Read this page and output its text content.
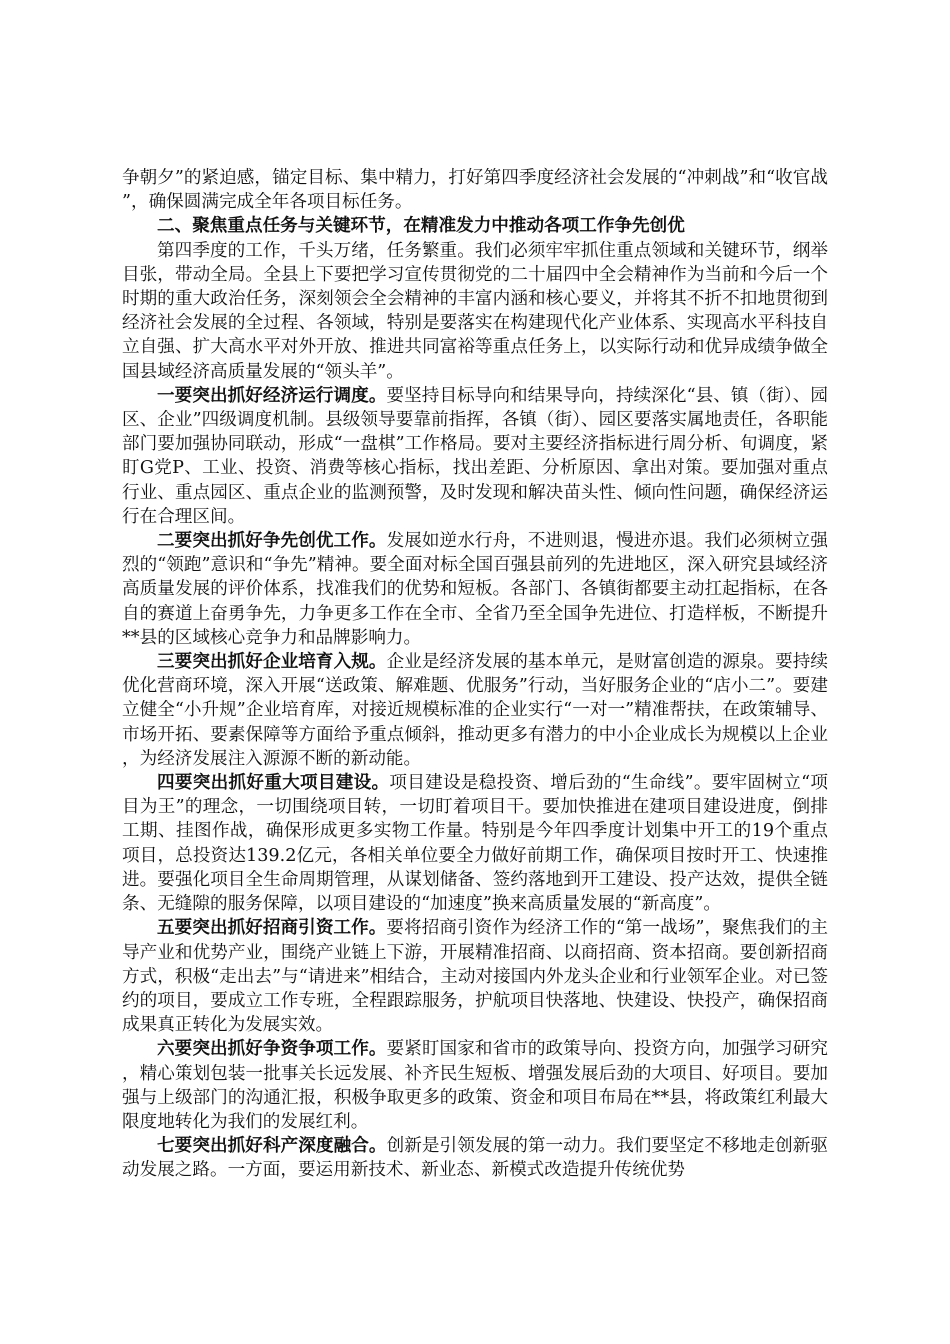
争朝夕”的紧迫感，锚定目标、集中精力，打好第四季度经济社会发展的“冲刺战”和“收官战”，确保圆满完成全年各项目标任务。

二、聚焦重点任务与关键环节，在精准发力中推动各项工作争先创优

第四季度的工作，千头万绪，任务繁重。我们必须牢牢抓住重点领域和关键环节，纲举目张，带动全局。全县上下要把学习宣传贯彻党的二十届四中全会精神作为当前和今后一个时期的重大政治任务，深刻领会全会精神的丰富内涵和核心要义，并将其不折不扣地贯彻到经济社会发展的全过程、各领域，特别是要落实在构建现代化产业体系、实现高水平科技自立自强、扩大高水平对外开放、推进共同富裕等重点任务上，以实际行动和优异成绩争做全国县域经济高质量发展的“领头羊”。

一要突出抓好经济运行调度。要坚持目标导向和结果导向，持续深化“县、镇（街）、园区、企业”四级调度机制。县级领导要靠前指挥，各镇（街）、园区要落实属地责任，各职能部门要加强协同联动，形成“一盘棋”工作格局。要对主要经济指标进行周分析、旬调度，紧盯G党P、工业、投资、消费等核心指标，找出差距、分析原因、拿出对策。要加强对重点行业、重点园区、重点企业的监测预警，及时发现和解决苗头性、倾向性问题，确保经济运行在合理区间。

二要突出抓好争先创优工作。发展如逆水行舟，不进则退，慢进亦退。我们必须树立强烈的“领跑”意识和“争先”精神。要全面对标全国百强县前列的先进地区，深入研究县域经济高质量发展的评价体系，找准我们的优势和短板。各部门、各镇街都要主动扛起指标，在各自的赛道上奋勇争先，力争更多工作在全市、全省乃至全国争先进位、打造样板，不断提升**县的区域核心竞争力和品牌影响力。

三要突出抓好企业培育入规。企业是经济发展的基本单元，是财富创造的源泉。要持续优化营商环境，深入开展“送政策、解难题、优服务”行动，当好服务企业的“店小二”。要建立健全“小升规”企业培育库，对接近规模标准的企业实行“一对一”精准帮扶，在政策辅导、市场开拓、要素保障等方面给予重点倾斜，推动更多有潜力的中小企业成长为规模以上企业，为经济发展注入源源不断的新动能。

四要突出抓好重大项目建设。项目建设是稳投资、增后劲的“生命线”。要牢固树立“项目为王”的理念，一切围绕项目转，一切盯着项目干。要加快推进在建项目建设进度，倒排工期、挂图作战，确保形成更多实物工作量。特别是今年四季度计划集中开工的19个重点项目，总投资达139.2亿元，各相关单位要全力做好前期工作，确保项目按时开工、快速推进。要强化项目全生命周期管理，从谋划储备、签约落地到开工建设、投产达效，提供全链条、无缝隙的服务保障，以项目建设的“加速度”换来高质量发展的“新高度”。

五要突出抓好招商引资工作。要将招商引资作为经济工作的“第一战场”，聚焦我们的主导产业和优势产业，围绕产业链上下游，开展精准招商、以商招商、资本招商。要创新招商方式，积极“走出去”与“请进来”相结合，主动对接国内外龙头企业和行业领军企业。对已签约的项目，要成立工作专班，全程跟踪服务，护航项目快落地、快建设、快投产，确保招商成果真正转化为发展实效。

六要突出抓好争资争项工作。要紧盯国家和省市的政策导向、投资方向，加强学习研究，精心策划包装一批事关长远发展、补齐民生短板、增强发展后劲的大项目、好项目。要加强与上级部门的沟通汇报，积极争取更多的政策、资金和项目布局在**县，将政策红利最大限度地转化为我们的发展红利。

七要突出抓好科产深度融合。创新是引领发展的第一动力。我们要坚定不移地走创新驱动发展之路。一方面，要运用新技术、新业态、新模式改造提升传统优势
